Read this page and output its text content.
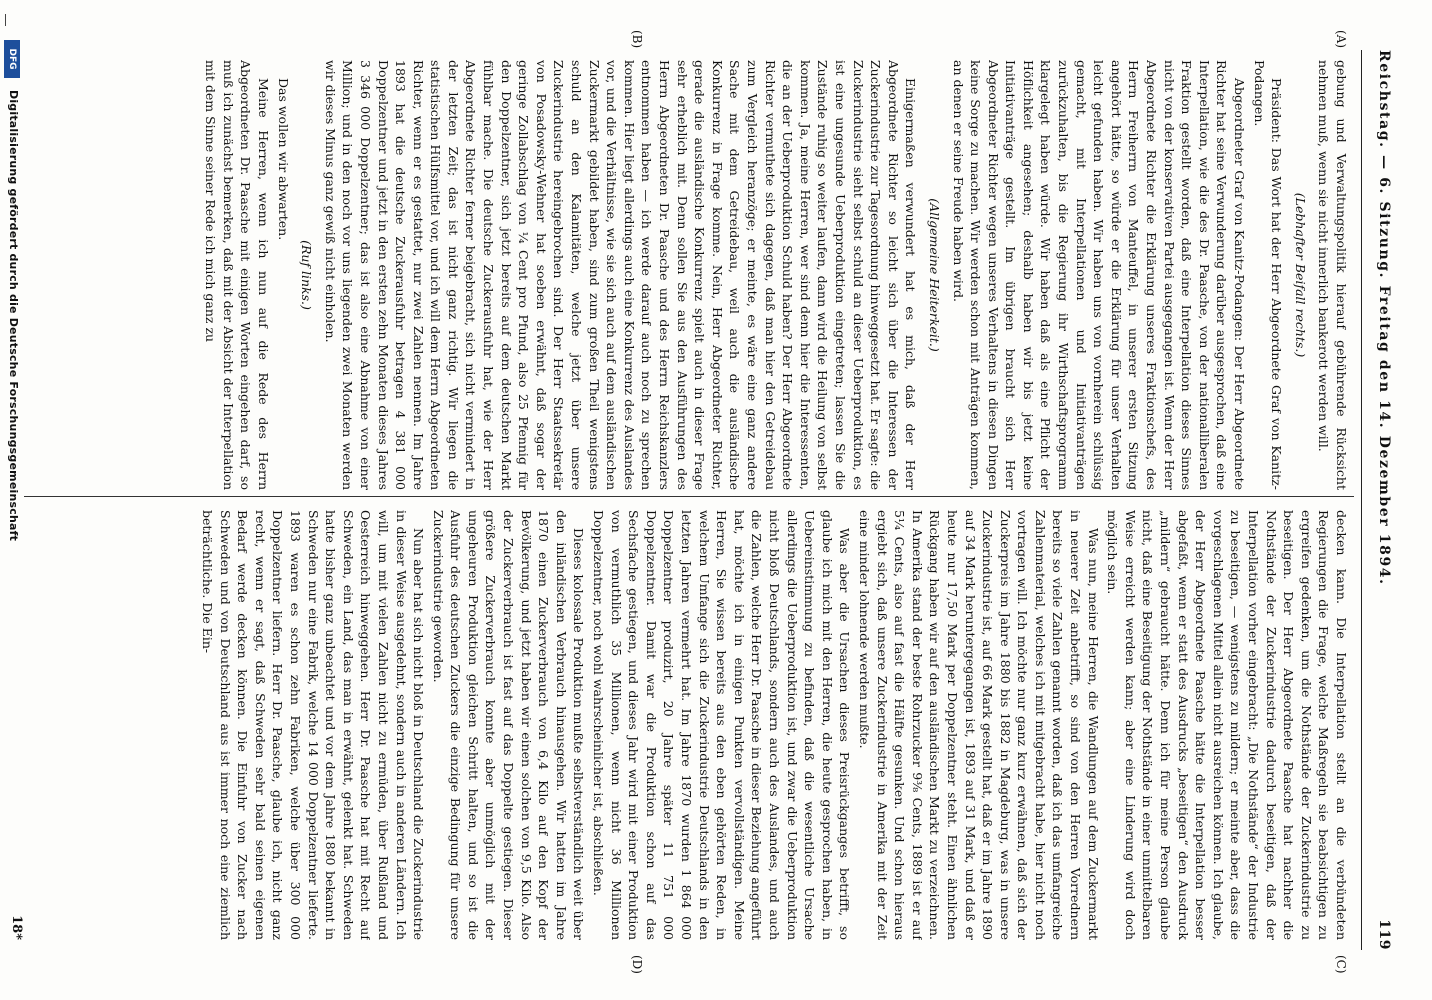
Reichstag. — 6. Sitzung. Freitag den 14. Dezember 1894.
119
(A)
(B)
(C)
(D)

gebung und Verwaltungspolitik hierauf gebührende Rücksicht nehmen muß, wenn sie nicht innerlich bankerott werden will.

(Lebhafter Beifall rechts.)

Präsident: Das Wort hat der Herr Abgeordnete Graf von Kanitz-Podangen.

Abgeordneter Graf von Kanitz-Podangen: Der Herr Abgeordnete Richter hat seine Verwunderung darüber ausgesprochen, daß eine Interpellation, wie die des Dr. Paasche, von der nationalliberalen Fraktion gestellt worden, daß eine Interpellation dieses Sinnes nicht von der konservativen Partei ausgegangen ist. Wenn der Herr Abgeordnete Richter die Erklärung unseres Fraktionschefs, des Herrn Freiherrn von Manteuffel, in unserer ersten Sitzung angehört hätte, so würde er die Erklärung für unser Verhalten leicht gefunden haben. Wir haben uns von vornherein schlüssig gemacht, mit Interpellationen und Initiativanträgen zurückzuhalten, bis die Regierung ihr Wirthschaftsprogramm klargelegt haben würde. Wir haben daß als eine Pflicht der Höflichkeit angesehen; deshalb haben wir bis jetzt keine Initiativanträge gestellt. Im übrigen braucht sich Herr Abgeordneter Richter wegen unseres Verhaltens in diesen Dingen keine Sorge zu machen. Wir werden schon mit Anträgen kommen, an denen er seine Freude haben wird.

(Allgemeine Heiterkeit.)

Einigermaßen verwundert hat es mich, daß der Herr Abgeordnete Richter so leicht sich über die Interessen der Zuckerindustrie zur Tagesordnung hinweggesetzt hat. Er sagte: die Zuckerindustrie sieht selbst schuld an dieser Ueberproduktion, es ist eine ungesunde Ueberproduktion eingetreten; lassen Sie die Zustände ruhig so weiter laufen, dann wird die Heilung von selbst kommen. Ja, meine Herren, wer sind denn hier die Interessenten, die an der Ueberproduktion Schuld haben? Der Herr Abgeordnete Richter vermuthete sich dagegen, daß man hier den Getreidebau zum Vergleich heranzöge; er meinte, es wäre eine ganz andere Sache mit dem Getreidebau, weil auch die ausländische Konkurrenz in Frage komme. Nein, Herr Abgeordneter Richter, gerade die ausländische Konkurrenz spielt auch in dieser Frage sehr erheblich mit. Denn sollen Sie aus den Ausführungen des Herrn Abgeordneten Dr. Paasche und des Herrn Reichskanzlers entnommen haben — ich werde darauf auch noch zu sprechen kommen. Hier liegt allerdings auch eine Konkurrenz des Auslandes vor, und die Verhältnisse, wie sie sich auch auf dem ausländischen Zuckermarkt gebildet haben, sind zum großen Theil wenigstens schuld an den Kalamitäten, welche jetzt über unsere Zuckerindustrie hereingebrochen sind. Der Herr Staatssekretär von Posadowsky-Wehner hat soeben erwähnt, daß sogar der geringe Zollabschlag von ¼ Cent pro Pfund, also 25 Pfennig für den Doppelzentner, sich jetzt bereits auf dem deutschen Markt fühlbar mache. Die deutsche Zuckerausfuhr hat, wie der Herr Abgeordnete Richter ferner beigebracht, sich nicht vermindert in der letzten Zeit; das ist nicht ganz richtig. Wir liegen die statistischen Hülfsmittel vor, und ich will dem Herrn Abgeordneten Richter, wenn er es gestattet, nur zwei Zahlen nennen. Im Jahre 1893 hat die deutsche Zuckerausfuhr betragen 4 381 000 Doppelzentner und jetzt in den ersten zehn Monaten dieses Jahres 3 346 000 Doppelzentner; das ist also eine Abnahme von einer Million; und in den noch vor uns liegenden zwei Monaten werden wir dieses Minus ganz gewiß nicht einholen.

(Ruf links.)

Das wollen wir abwarten.

Meine Herren, wenn ich nun auf die Rede des Herrn Abgeordneten Dr. Paasche mit einigen Worten eingehen darf, so muß ich zunächst bemerken, daß mit der Absicht der Interpellation mit dem Sinne seiner Rede ich mich ganz zu

decken kann. Die Interpellation stellt an die verbündeten Regierungen die Frage, welche Maßregeln sie beabsichtigen zu ergreifen gedenken, um die Nothstände der Zuckerindustrie zu beseitigen. Der Herr Abgeordnete Paasche hat nachher die Nothstände der Zuckerindustrie dadurch beseitigen, daß der Interpellation vorher eingebracht: „Die Nothstände“ der Industrie zu beseitigen, — wenigstens zu mildern; er meinte aber, dass die vorgeschlagenen Mittel allein nicht ausreichen können. Ich glaube, der Herr Abgeordnete Paasche hätte die Interpellation besser abgefaßt, wenn er statt des Ausdrucks „beseitigen“ den Ausdruck „mildern“ gebraucht hätte. Denn ich für meine Person glaube nicht, daß eine Beseitigung der Nothstände in einer unmittelbaren Weise erreicht werden kann; aber eine Linderung wird doch möglich sein.

Was nun, meine Herren, die Wandlungen auf dem Zuckermarkt in neuerer Zeit anbetrifft, so sind von den Herren Vorrednern bereits so viele Zahlen genannt worden, daß ich das umfangreiche Zahlenmaterial, welches ich mit mitgebracht habe, hier nicht noch vortragen will. Ich möchte nur ganz kurz erwähnen, daß sich der Zuckerpreis im Jahre 1880 bis 1882 in Magdeburg, was in unsere Zuckerindustrie ist, auf 66 Mark gestellt hat, daß er im Jahre 1890 auf 34 Mark heruntergegangen ist, 1893 auf 31 Mark, und daß er heute nur 17,50 Mark per Doppelzentner steht. Einen ähnlichen Rückgang haben wir auf den ausländischen Markt zu verzeichnen. In Amerika stand der beste Rohrzucker 9⅜ Cents, 1889 ist er auf 5¼ Cents, also auf fast die Hälfte gesunken. Und schon hieraus ergiebt sich, daß unsere Zuckerindustrie in Amerika mit der Zeit eine minder lohnende werden mußte.

Was aber die Ursachen dieses Preisrückganges betrifft, so glaube ich mich mit den Herren, die heute gesprochen haben, in Uebereinstimmung zu befinden, daß die wesentliche Ursache allerdings die Ueberproduktion ist, und zwar die Ueberproduktion nicht bloß Deutschlands, sondern auch des Auslandes, und auch die Zahlen, welche Herr Dr. Paasche in dieser Beziehung angeführt hat, möchte ich in einigen Punkten vervollständigen. Meine Herren, Sie wissen bereits aus den eben gehörten Reden, in welchem Umfange sich die Zuckerindustrie Deutschlands in den letzten Jahren vermehrt hat. Im Jahre 1870 wurden 1 864 000 Doppelzentner produzirt, 20 Jahre später 11 751 000 Doppelzentner. Damit war die Produktion schon auf das Sechsfache gestiegen, und dieses Jahr wird mit einer Produktion von vermuthlich 35 Millionen, wenn nicht 36 Millionen Doppelzentner, noch wohl wahrscheinlicher ist, abschließen.

Dieses kolossale Produktion mußte selbstverständlich weit über den inländischen Verbrauch hinausgehen. Wir hatten im Jahre 1870 einen Zuckerverbrauch von 6,4 Kilo auf den Kopf der Bevölkerung, und jetzt haben wir einen solchen von 9,5 Kilo. Also der Zuckerverbrauch ist fast auf das Doppelte gestiegen. Dieser größere Zuckerverbrauch konnte aber unmöglich mit der ungeheuren Produktion gleichen Schritt halten, und so ist die Ausfuhr des deutschen Zuckers die einzige Bedingung für unsere Zuckerindustrie geworden.

Nun aber hat sich nicht bloß in Deutschland die Zuckerindustrie in dieser Weise ausgedehnt, sondern auch in anderen Ländern. Ich will, um mit vielen Zahlen nicht zu ermüden, über Rußland und Oesterreich hinweggehen. Herr Dr. Paasche hat mit Recht auf Schweden, ein Land, das man in erwähnt, gelenkt hat. Schweden hatte bisher ganz unbeachtet und vor dem Jahre 1880 bekannt in Schweden nur eine Fabrik, welche 14 000 Doppelzentner lieferte. 1893 waren es schon zehn Fabriken, welche über 300 000 Doppelzentner liefern. Herr Dr. Paasche, glaube ich, nicht ganz recht, wenn er sagt, daß Schweden sehr bald seinen eigenen Bedarf werde decken können. Die Einfuhr von Zucker nach Schweden und von Deutschland aus ist immer noch eine ziemlich beträchtliche. Die Ein-

18*
DFG
Digitalisierung gefördert durch die Deutsche Forschungsgemeinschaft
